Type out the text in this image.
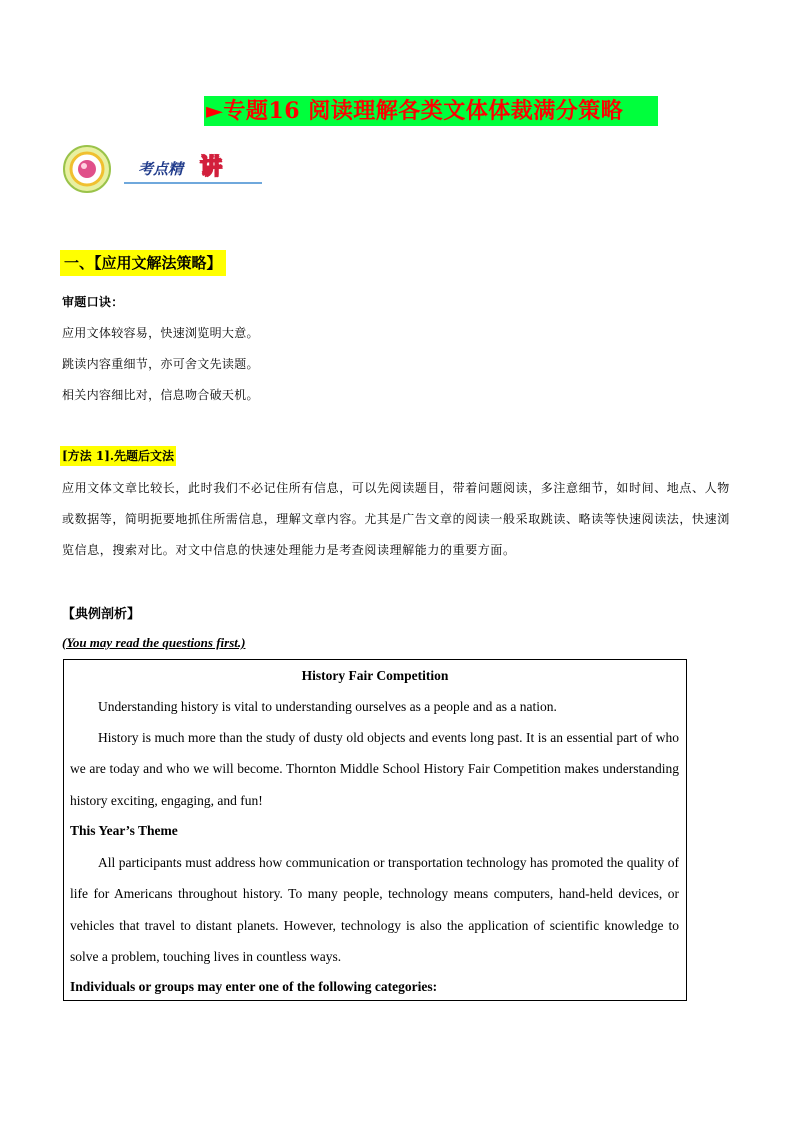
►专题16 阅读理解各类文体体裁满分策略
考点精 讲
一、【应用文解法策略】
审题口诀：
应用文体较容易，快速浏览明大意。
跳读内容重细节，亦可舍文先读题。
相关内容细比对，信息吻合破天机。
[方法 1].先题后文法
应用文体文章比较长，此时我们不必记住所有信息，可以先阅读题目，带着问题阅读，多注意细节，如时间、地点、人物或数据等，简明扼要地抓住所需信息，理解文章内容。尤其是广告文章的阅读一般采取跳读、略读等快速阅读法，快速浏览信息，搜索对比。对文中信息的快速处理能力是考查阅读理解能力的重要方面。
【典例剖析】
(You may read the questions first.)
History Fair Competition
Understanding history is vital to understanding ourselves as a people and as a nation.
History is much more than the study of dusty old objects and events long past. It is an essential part of who we are today and who we will become. Thornton Middle School History Fair Competition makes understanding history exciting, engaging, and fun!
This Year’s Theme
All participants must address how communication or transportation technology has promoted the quality of life for Americans throughout history. To many people, technology means computers, hand-held devices, or vehicles that travel to distant planets. However, technology is also the application of scientific knowledge to solve a problem, touching lives in countless ways.
Individuals or groups may enter one of the following categories:
